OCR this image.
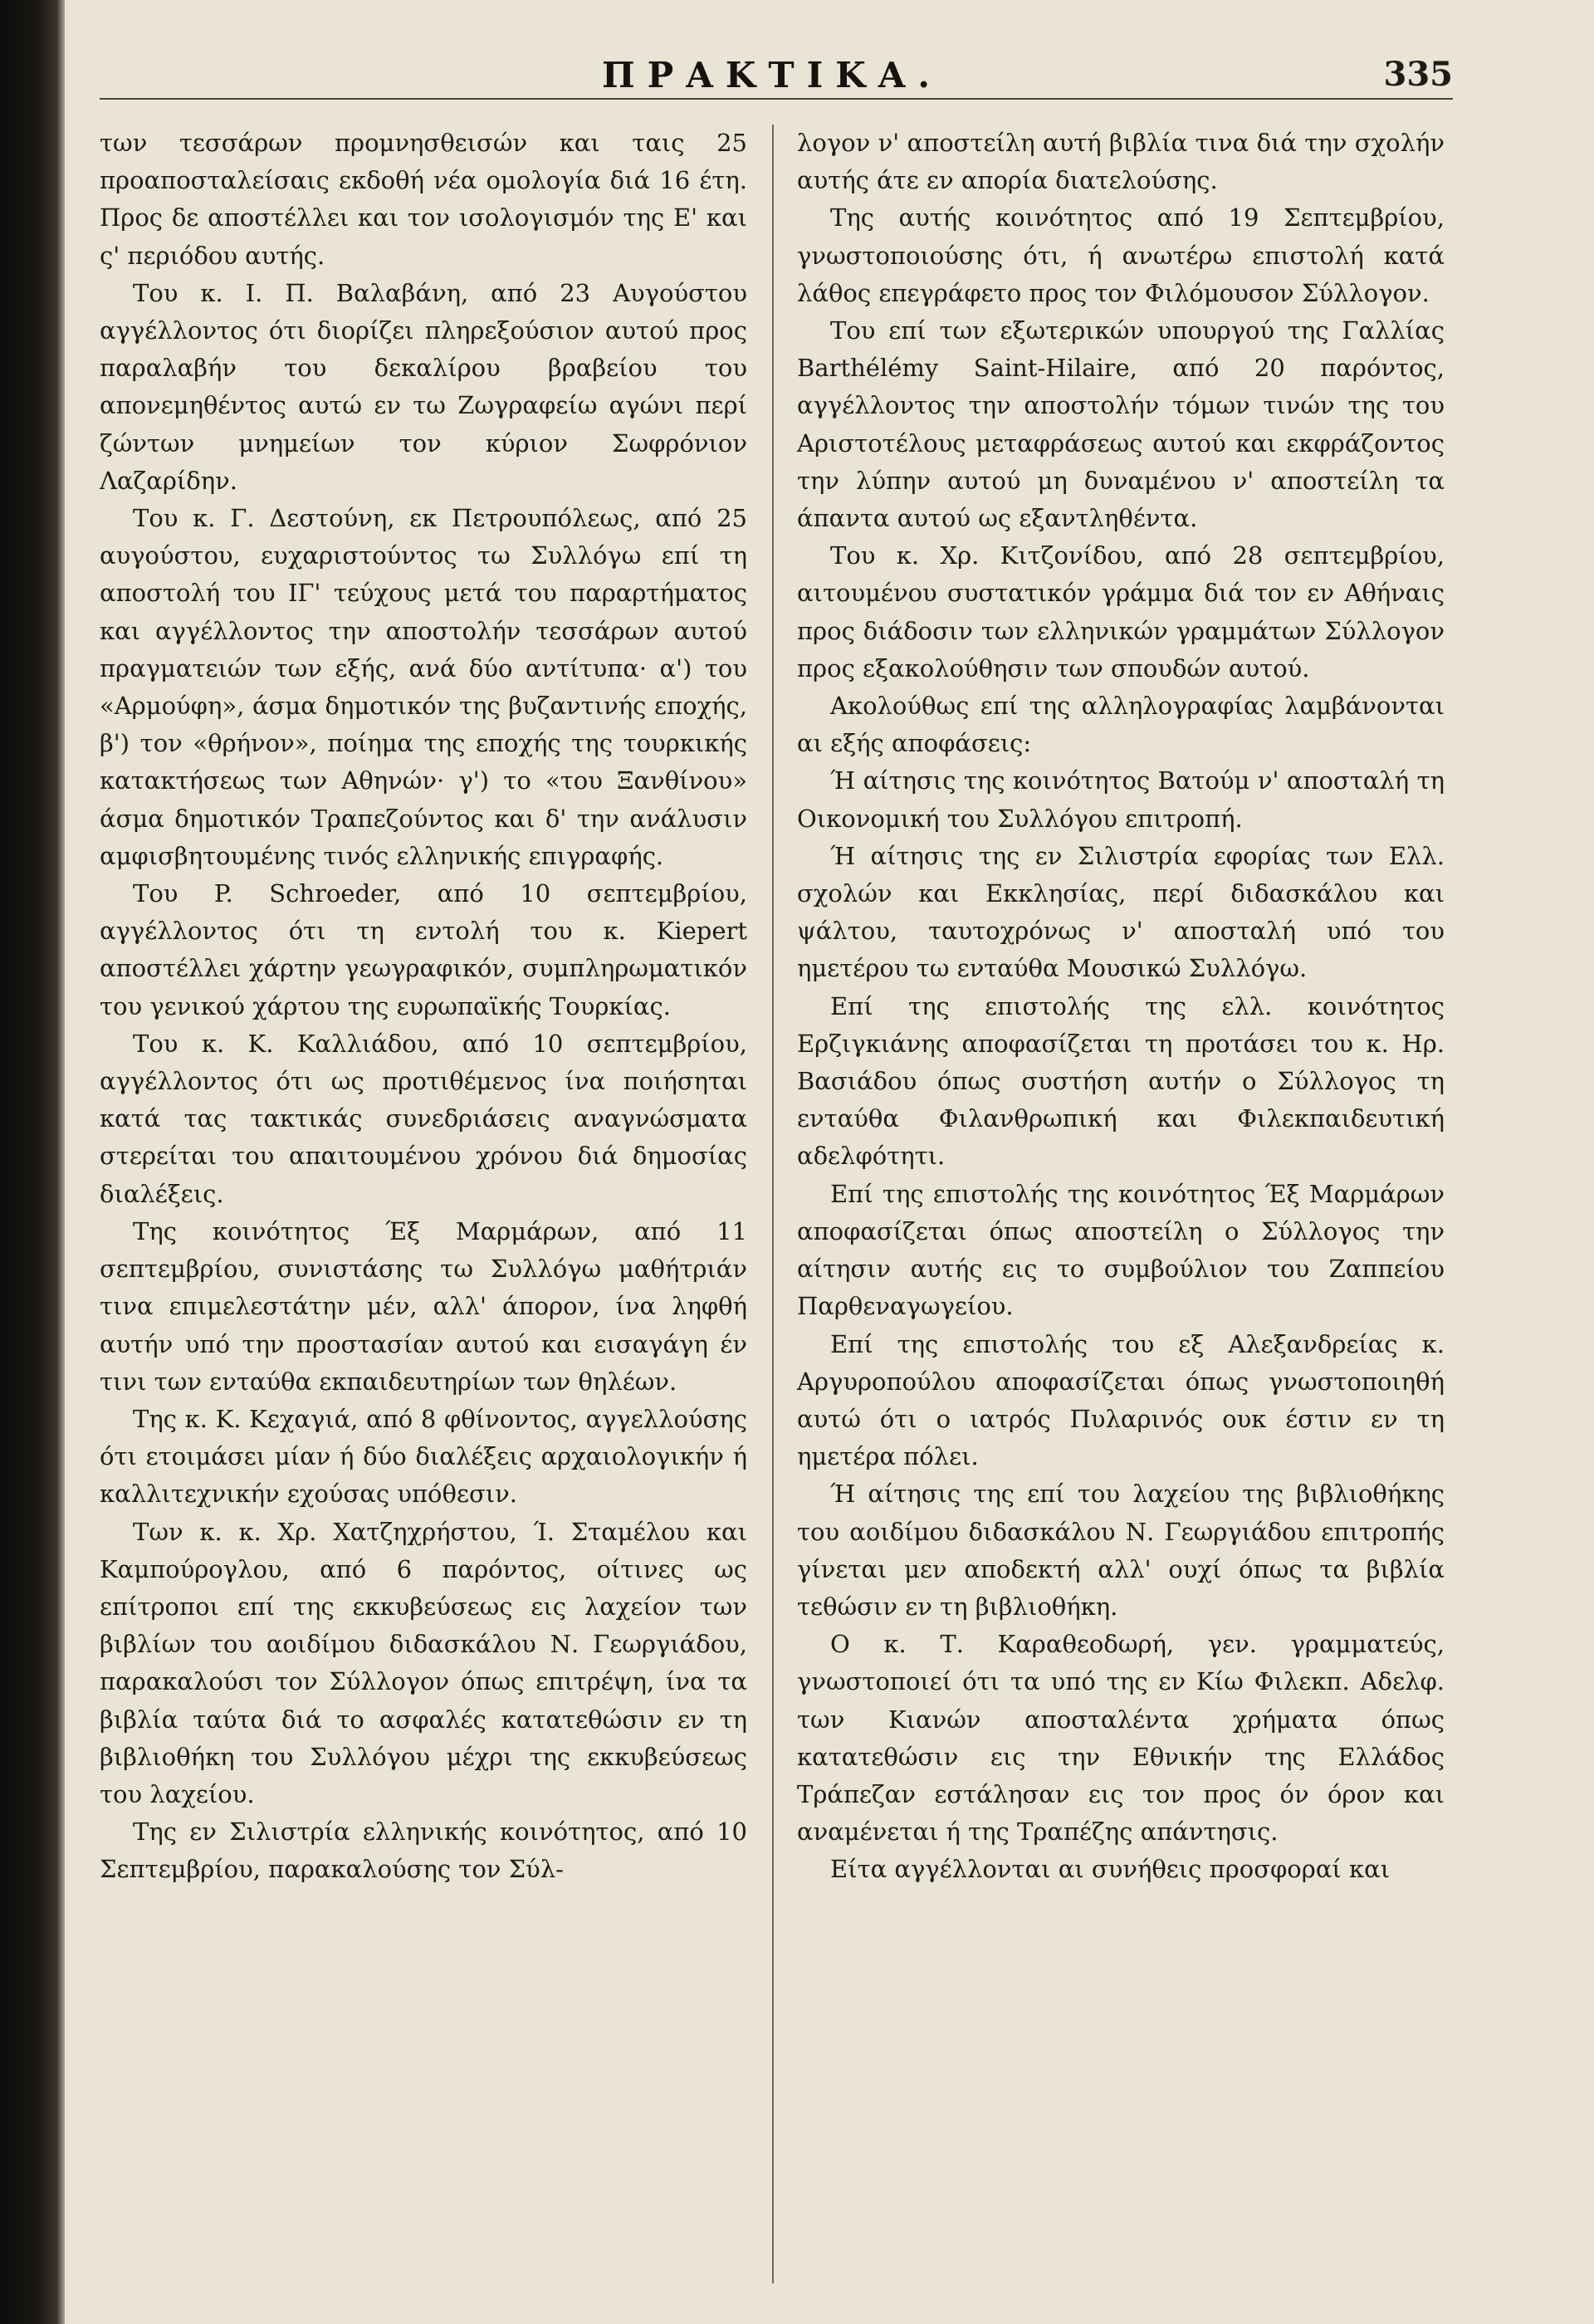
ΠΡΑΚΤΙΚΑ.	335

των τεσσάρων προμνησθεισών και ταις 25 προαποσταλείσαις εκδοθή νέα ομολογία διά 16 έτη. Προς δε αποστέλλει και τον ισολογισμόν της Ε' και ς' περιόδου αυτής.

Του κ. Ι. Π. Βαλαβάνη, από 23 Αυγούστου αγγέλλοντος ότι διορίζει πληρεξούσιον αυτού προς παραλαβήν του δεκαλίρου βραβείου του απονεμηθέντος αυτώ εν τω Ζωγραφείω αγώνι περί ζώντων μνημείων τον κύριον Σωφρόνιον Λαζαρίδην.

Του κ. Γ. Δεστούνη, εκ Πετρουπόλεως, από 25 αυγούστου, ευχαριστούντος τω Συλλόγω επί τη αποστολή του ΙΓ' τεύχους μετά του παραρτήματος και αγγέλλοντος την αποστολήν τεσσάρων αυτού πραγματειών των εξής, ανά δύο αντίτυπα· α') του «Αρμούφη», άσμα δημοτικόν της βυζαντινής εποχής, β') τον «θρήνον», ποίημα της εποχής της τουρκικής κατακτήσεως των Αθηνών· γ') το «του Ξανθίνου» άσμα δημοτικόν Τραπεζούντος και δ' την ανάλυσιν αμφισβητουμένης τινός ελληνικής επιγραφής.

Του P. Schroeder, από 10 σεπτεμβρίου, αγγέλλοντος ότι τη εντολή του κ. Kiepert αποστέλλει χάρτην γεωγραφικόν, συμπληρωματικόν του γενικού χάρτου της ευρωπαϊκής Τουρκίας.

Του κ. Κ. Καλλιάδου, από 10 σεπτεμβρίου, αγγέλλοντος ότι ως προτιθέμενος ίνα ποιήσηται κατά τας τακτικάς συνεδριάσεις αναγνώσματα στερείται του απαιτουμένου χρόνου διά δημοσίας διαλέξεις.

Της κοινότητος Έξ Μαρμάρων, από 11 σεπτεμβρίου, συνιστάσης τω Συλλόγω μαθήτριάν τινα επιμελεστάτην μέν, αλλ' άπορον, ίνα ληφθή αυτήν υπό την προστασίαν αυτού και εισαγάγη έν τινι των ενταύθα εκπαιδευτηρίων των θηλέων.

Της κ. Κ. Κεχαγιά, από 8 φθίνοντος, αγγελλούσης ότι ετοιμάσει μίαν ή δύο διαλέξεις αρχαιολογικήν ή καλλιτεχνικήν εχούσας υπόθεσιν.

Των κ. κ. Χρ. Χατζηχρήστου, Ί. Σταμέλου και Καμπούρογλου, από 6 παρόντος, οίτινες ως επίτροποι επί της εκκυβεύσεως εις λαχείον των βιβλίων του αοιδίμου διδασκάλου Ν. Γεωργιάδου, παρακαλούσι τον Σύλλογον όπως επιτρέψη, ίνα τα βιβλία ταύτα διά το ασφαλές κατατεθώσιν εν τη βιβλιοθήκη του Συλλόγου μέχρι της εκκυβεύσεως του λαχείου.

Της εν Σιλιστρία ελληνικής κοινότητος, από 10 Σεπτεμβρίου, παρακαλούσης τον Σύλ-

λογον ν' αποστείλη αυτή βιβλία τινα διά την σχολήν αυτής άτε εν απορία διατελούσης.

Της αυτής κοινότητος από 19 Σεπτεμβρίου, γνωστοποιούσης ότι, ή ανωτέρω επιστολή κατά λάθος επεγράφετο προς τον Φιλόμουσον Σύλλογον.

Του επί των εξωτερικών υπουργού της Γαλλίας Barthélémy Saint-Hilaire, από 20 παρόντος, αγγέλλοντος την αποστολήν τόμων τινών της του Αριστοτέλους μεταφράσεως αυτού και εκφράζοντος την λύπην αυτού μη δυναμένου ν' αποστείλη τα άπαντα αυτού ως εξαντληθέντα.

Του κ. Χρ. Κιτζονίδου, από 28 σεπτεμβρίου, αιτουμένου συστατικόν γράμμα διά τον εν Αθήναις προς διάδοσιν των ελληνικών γραμμάτων Σύλλογον προς εξακολούθησιν των σπουδών αυτού.

Ακολούθως επί της αλληλογραφίας λαμβάνονται αι εξής αποφάσεις:

Ή αίτησις της κοινότητος Βατούμ ν' αποσταλή τη Οικονομική του Συλλόγου επιτροπή.

Ή αίτησις της εν Σιλιστρία εφορίας των Ελλ. σχολών και Εκκλησίας, περί διδασκάλου και ψάλτου, ταυτοχρόνως ν' αποσταλή υπό του ημετέρου τω ενταύθα Μουσικώ Συλλόγω.

Επί της επιστολής της ελλ. κοινότητος Ερζιγκιάνης αποφασίζεται τη προτάσει του κ. Ηρ. Βασιάδου όπως συστήση αυτήν ο Σύλλογος τη ενταύθα Φιλανθρωπική και Φιλεκπαιδευτική αδελφότητι.

Επί της επιστολής της κοινότητος Έξ Μαρμάρων αποφασίζεται όπως αποστείλη ο Σύλλογος την αίτησιν αυτής εις το συμβούλιον του Ζαππείου Παρθεναγωγείου.

Επί της επιστολής του εξ Αλεξανδρείας κ. Αργυροπούλου αποφασίζεται όπως γνωστοποιηθή αυτώ ότι ο ιατρός Πυλαρινός ουκ έστιν εν τη ημετέρα πόλει.

Ή αίτησις της επί του λαχείου της βιβλιοθήκης του αοιδίμου διδασκάλου Ν. Γεωργιάδου επιτροπής γίνεται μεν αποδεκτή αλλ' ουχί όπως τα βιβλία τεθώσιν εν τη βιβλιοθήκη.

Ο κ. Τ. Καραθεοδωρή, γεν. γραμματεύς, γνωστοποιεί ότι τα υπό της εν Κίω Φιλεκπ. Αδελφ. των Κιανών αποσταλέντα χρήματα όπως κατατεθώσιν εις την Εθνικήν της Ελλάδος Τράπεζαν εστάλησαν εις τον προς όν όρον και αναμένεται ή της Τραπέζης απάντησις.

Είτα αγγέλλονται αι συνήθεις προσφοραί και
